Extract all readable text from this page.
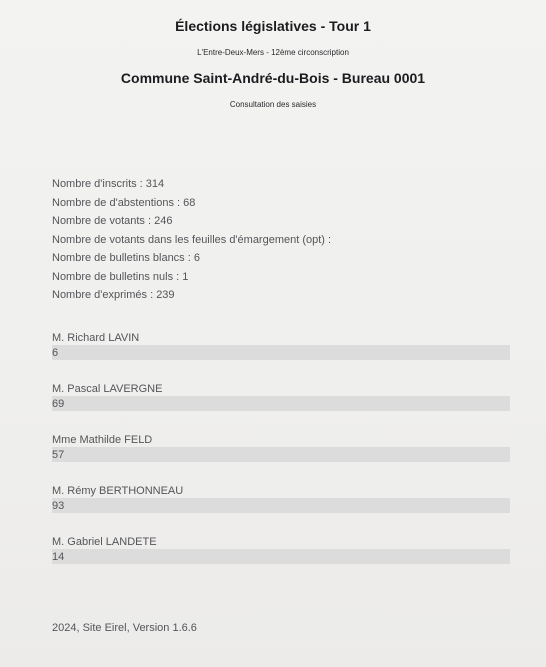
Élections législatives - Tour 1
L'Entre-Deux-Mers - 12ème circonscription
Commune Saint-André-du-Bois - Bureau 0001
Consultation des saisies
Nombre d'inscrits : 314
Nombre de d'abstentions : 68
Nombre de votants : 246
Nombre de votants dans les feuilles d'émargement (opt) :
Nombre de bulletins blancs : 6
Nombre de bulletins nuls : 1
Nombre d'exprimés : 239
M. Richard LAVIN
6
M. Pascal LAVERGNE
69
Mme Mathilde FELD
57
M. Rémy BERTHONNEAU
93
M. Gabriel LANDETE
14
2024, Site Eirel, Version 1.6.6
